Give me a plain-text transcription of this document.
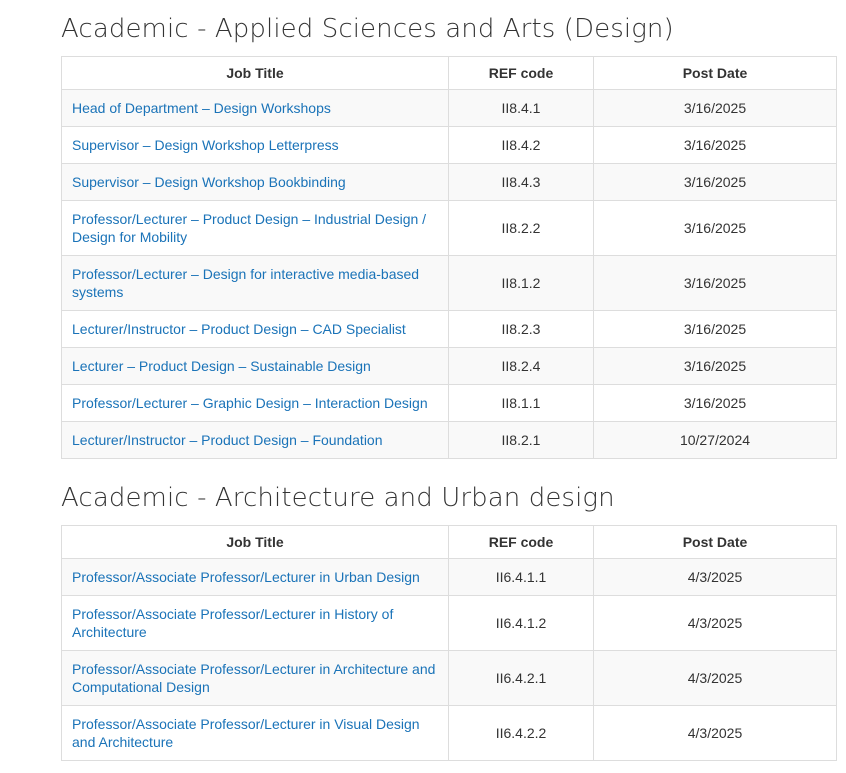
Academic - Applied Sciences and Arts (Design)
Job Title	REF code	Post Date

Head of Department – Design Workshops	II8.4.1	3/16/2025

Supervisor – Design Workshop Letterpress	II8.4.2	3/16/2025

Supervisor – Design Workshop Bookbinding	II8.4.3	3/16/2025

Professor/Lecturer – Product Design – Industrial Design / Design for Mobility	II8.2.2	3/16/2025

Professor/Lecturer – Design for interactive media-based systems	II8.1.2	3/16/2025

Lecturer/Instructor – Product Design – CAD Specialist	II8.2.3	3/16/2025

Lecturer – Product Design – Sustainable Design	II8.2.4	3/16/2025

Professor/Lecturer – Graphic Design – Interaction Design	II8.1.1	3/16/2025

Lecturer/Instructor – Product Design – Foundation	II8.2.1	10/27/2024
Academic - Architecture and Urban design
Job Title	REF code	Post Date

Professor/Associate Professor/Lecturer in Urban Design	II6.4.1.1	4/3/2025

Professor/Associate Professor/Lecturer in History of Architecture	II6.4.1.2	4/3/2025

Professor/Associate Professor/Lecturer in Architecture and Computational Design	II6.4.2.1	4/3/2025

Professor/Associate Professor/Lecturer in Visual Design and Architecture	II6.4.2.2	4/3/2025
